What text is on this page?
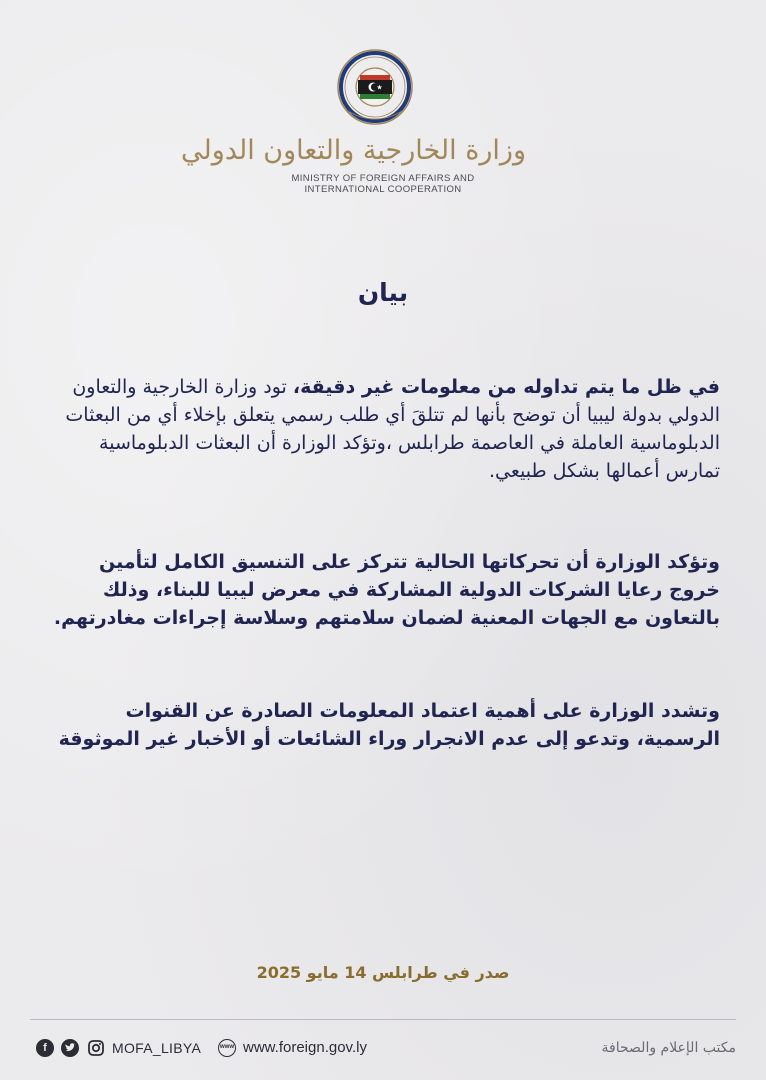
وزارة الخارجية والتعاون الدولي
MINISTRY OF FOREIGN AFFAIRS AND
INTERNATIONAL COOPERATION
بيان

في ظل ما يتم تداوله من معلومات غير دقيقة، تود وزارة الخارجية والتعاون الدولي بدولة ليبيا أن توضح بأنها لم تتلقَ أي طلب رسمي يتعلق بإخلاء أي من البعثات الدبلوماسية العاملة في العاصمة طرابلس ،وتؤكد الوزارة أن البعثات الدبلوماسية تمارس أعمالها بشكل طبيعي.

وتؤكد الوزارة أن تحركاتها الحالية تتركز على التنسيق الكامل لتأمين خروج رعايا الشركات الدولية المشاركة في معرض ليبيا للبناء، وذلك بالتعاون مع الجهات المعنية لضمان سلامتهم وسلاسة إجراءات مغادرتهم.

وتشدد الوزارة على أهمية اعتماد المعلومات الصادرة عن القنوات الرسمية، وتدعو إلى عدم الانجرار وراء الشائعات أو الأخبار غير الموثوقة

صدر في طرابلس 14 مايو 2025
f	MOFA_LIBYA	www www.foreign.gov.ly	مكتب الإعلام والصحافة
